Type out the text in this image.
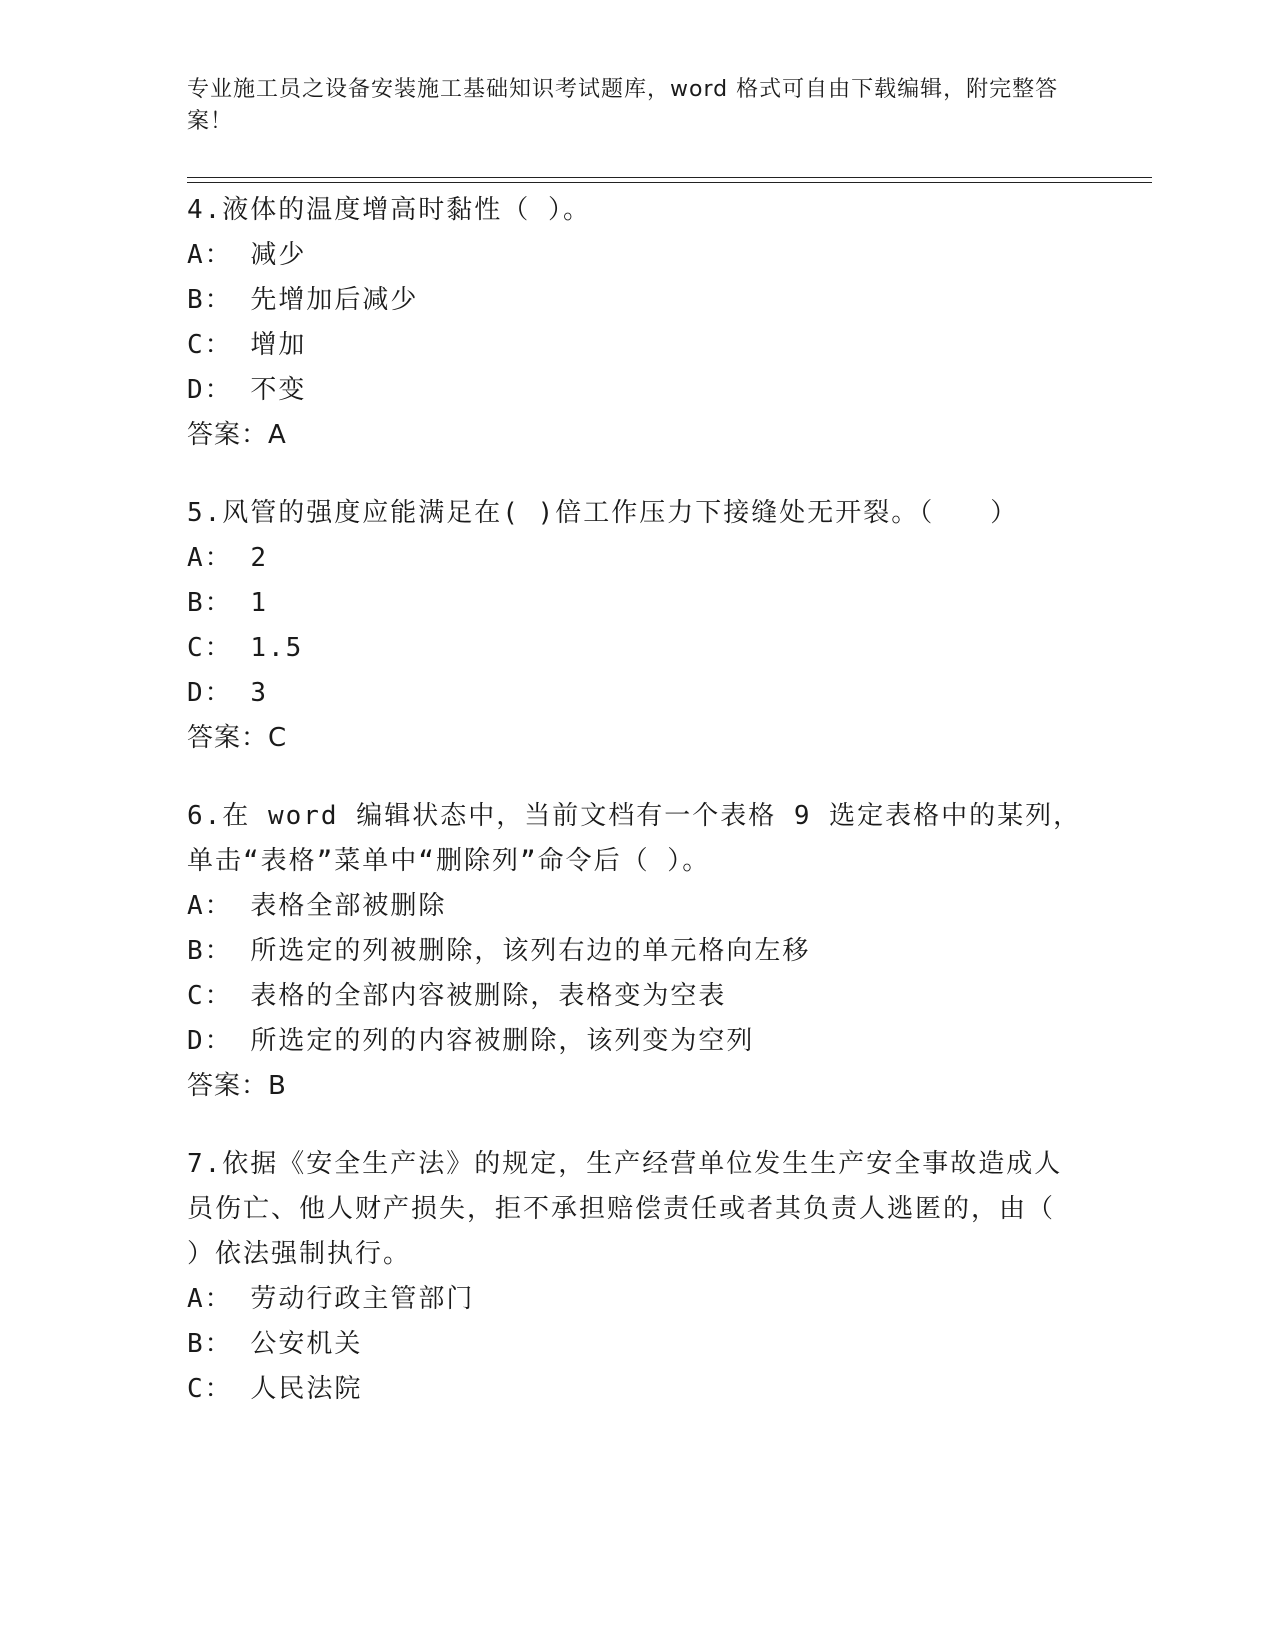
专业施工员之设备安装施工基础知识考试题库，word 格式可自由下载编辑，附完整答案！
4.液体的温度增高时黏性（ ）。
A： 减少
B： 先增加后减少
C： 增加
D： 不变
答案：A
5.风管的强度应能满足在( )倍工作压力下接缝处无开裂。（　　）
A： 2
B： 1
C： 1.5
D： 3
答案：C
6.在 word 编辑状态中，当前文档有一个表格 9 选定表格中的某列，单击“表格”菜单中“删除列”命令后（ ）。
A： 表格全部被删除
B： 所选定的列被删除，该列右边的单元格向左移
C： 表格的全部内容被删除，表格变为空表
D： 所选定的列的内容被删除，该列变为空列
答案：B
7.依据《安全生产法》的规定，生产经营单位发生生产安全事故造成人员伤亡、他人财产损失，拒不承担赔偿责任或者其负责人逃匿的，由（ ）依法强制执行。
A： 劳动行政主管部门
B： 公安机关
C： 人民法院
